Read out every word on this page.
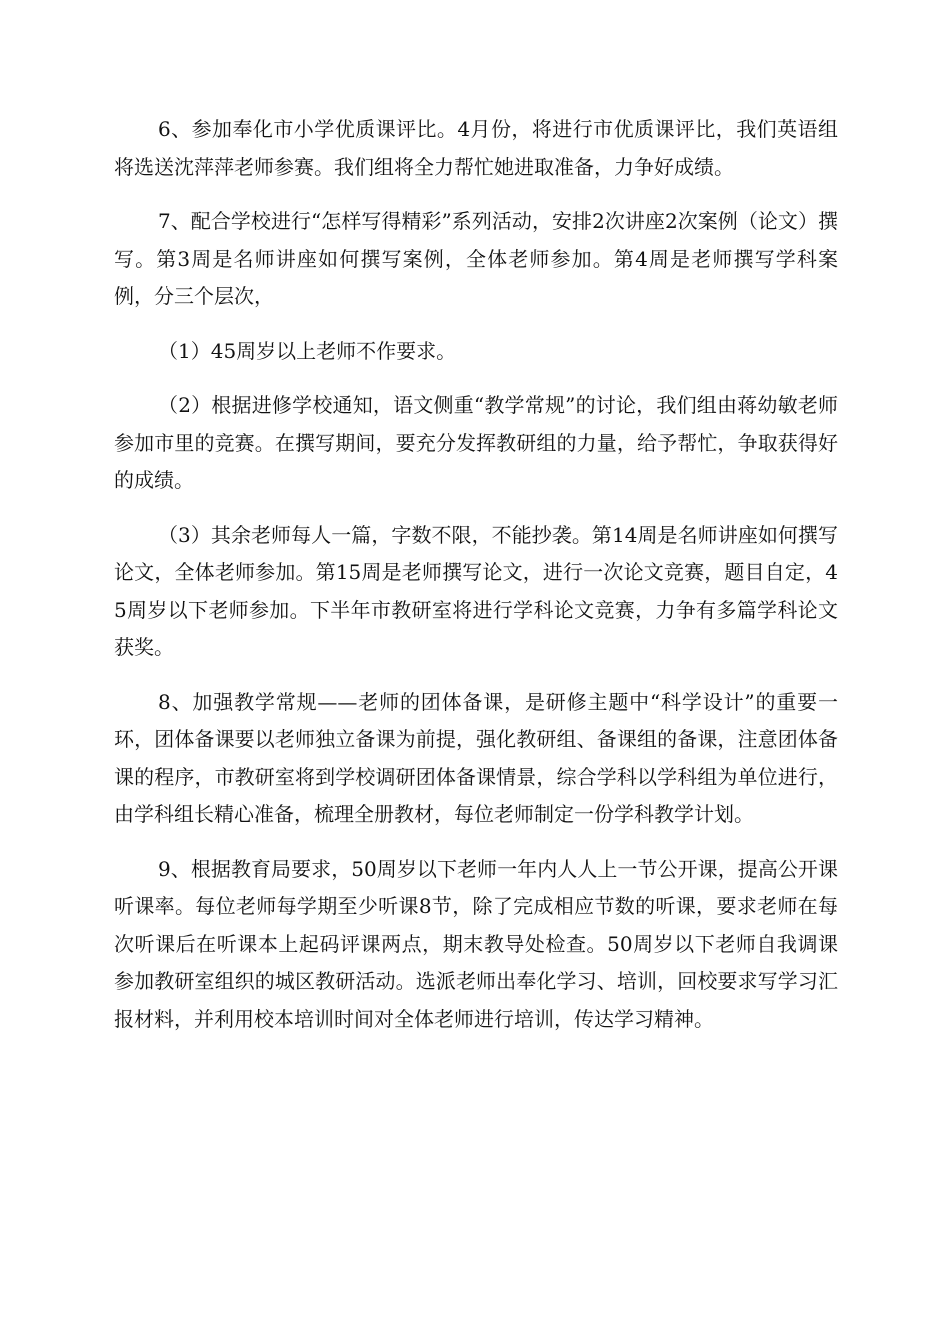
6、参加奉化市小学优质课评比。4月份，将进行市优质课评比，我们英语组将选送沈萍萍老师参赛。我们组将全力帮忙她进取准备，力争好成绩。

7、配合学校进行“怎样写得精彩”系列活动，安排2次讲座2次案例（论文）撰写。第3周是名师讲座如何撰写案例，全体老师参加。第4周是老师撰写学科案例，分三个层次，

（1）45周岁以上老师不作要求。

（2）根据进修学校通知，语文侧重“教学常规”的讨论，我们组由蒋幼敏老师参加市里的竞赛。在撰写期间，要充分发挥教研组的力量，给予帮忙，争取获得好的成绩。

（3）其余老师每人一篇，字数不限，不能抄袭。第14周是名师讲座如何撰写论文，全体老师参加。第15周是老师撰写论文，进行一次论文竞赛，题目自定，45周岁以下老师参加。下半年市教研室将进行学科论文竞赛，力争有多篇学科论文获奖。

8、加强教学常规——老师的团体备课，是研修主题中“科学设计”的重要一环，团体备课要以老师独立备课为前提，强化教研组、备课组的备课，注意团体备课的程序，市教研室将到学校调研团体备课情景，综合学科以学科组为单位进行，由学科组长精心准备，梳理全册教材，每位老师制定一份学科教学计划。

9、根据教育局要求，50周岁以下老师一年内人人上一节公开课，提高公开课听课率。每位老师每学期至少听课8节，除了完成相应节数的听课，要求老师在每次听课后在听课本上起码评课两点，期末教导处检查。50周岁以下老师自我调课参加教研室组织的城区教研活动。选派老师出奉化学习、培训，回校要求写学习汇报材料，并利用校本培训时间对全体老师进行培训，传达学习精神。
